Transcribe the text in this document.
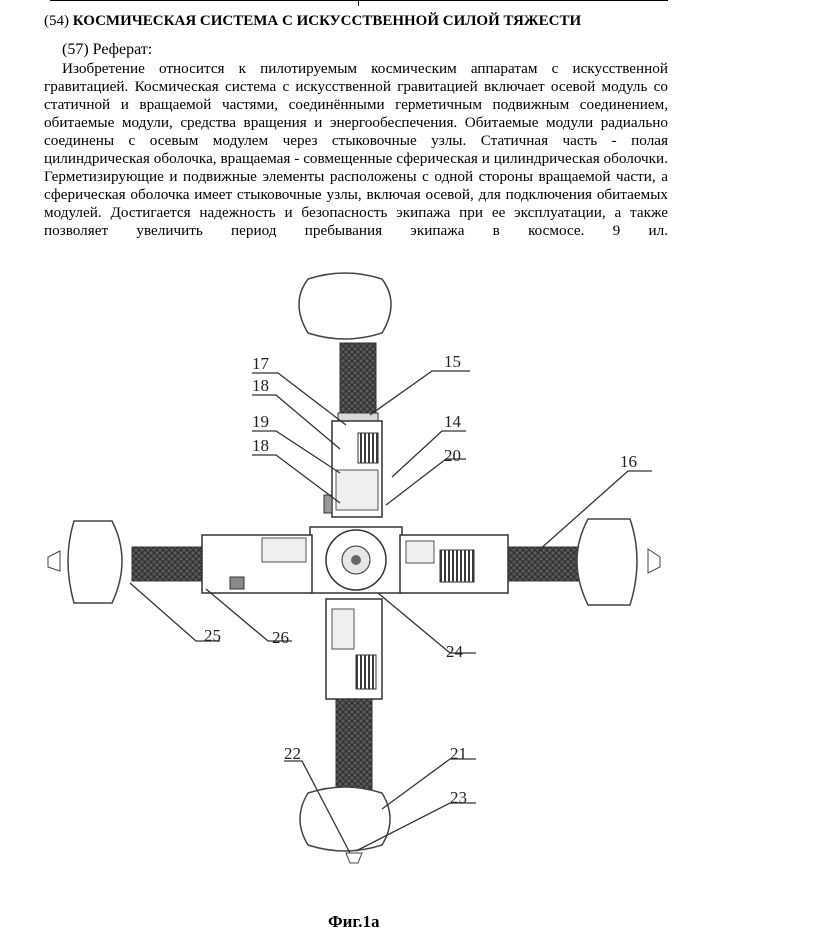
(54) КОСМИЧЕСКАЯ СИСТЕМА С ИСКУССТВЕННОЙ СИЛОЙ ТЯЖЕСТИ
(57) Реферат:

Изобретение относится к пилотируемым космическим аппаратам с искусственной гравитацией. Космическая система с искусственной гравитацией включает осевой модуль со статичной и вращаемой частями, соединёнными герметичным подвижным соединением, обитаемые модули, средства вращения и энергообеспечения. Обитаемые модули радиально соединены с осевым модулем через стыковочные узлы. Статичная часть - полая цилиндрическая оболочка, вращаемая - совмещенные сферическая и цилиндрическая оболочки. Герметизирующие и подвижные элементы расположены с одной стороны вращаемой части, а сферическая оболочка имеет стыковочные узлы, включая осевой, для подключения обитаемых модулей. Достигается надежность и безопасность экипажа при ее эксплуатации, а также позволяет увеличить период пребывания экипажа в космосе. 9 ил.

15
14
20	16
17
18
19
18
24
25	26
21
23
22
Фиг.1а
